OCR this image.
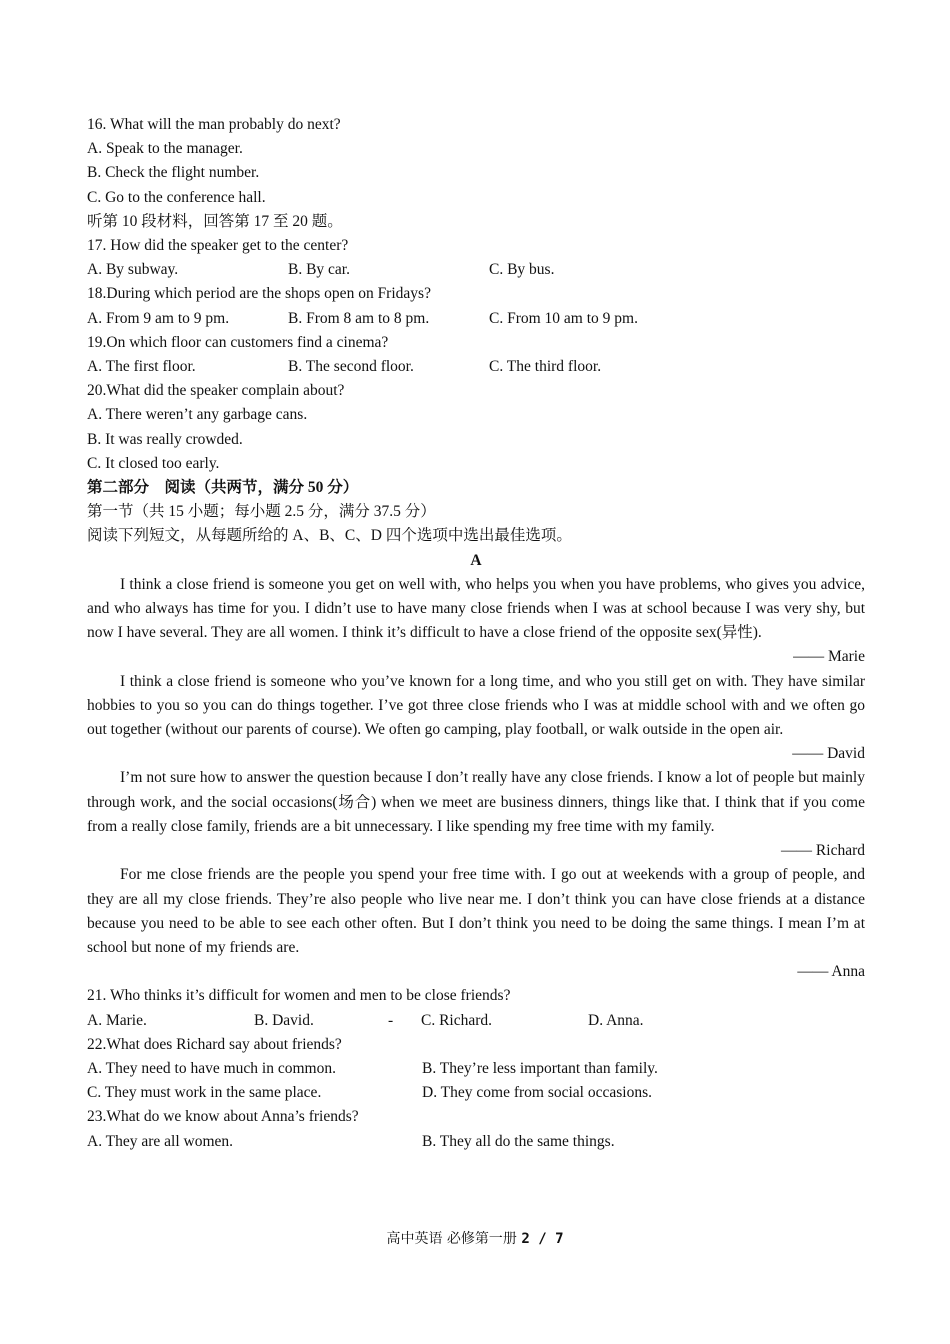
16. What will the man probably do next?
A. Speak to the manager.
B. Check the flight number.
C. Go to the conference hall.
听第 10 段材料，回答第 17 至 20 题。
17. How did the speaker get to the center?
A. By subway.	B. By car.	C. By bus.
18.During which period are the shops open on Fridays?
A. From 9 am to 9 pm.	B. From 8 am to 8 pm.	C. From 10 am to 9 pm.
19.On which floor can customers find a cinema?
A. The first floor.	B. The second floor.	C. The third floor.
20.What did the speaker complain about?
A. There weren’t any garbage cans.
B. It was really crowded.
C. It closed too early.
第二部分　阅读（共两节，满分 50 分）
第一节（共 15 小题；每小题 2.5 分，满分 37.5 分）
阅读下列短文，从每题所给的 A、B、C、D 四个选项中选出最佳选项。
A
I think a close friend is someone you get on well with, who helps you when you have problems, who gives you advice, and who always has time for you. I didn’t use to have many close friends when I was at school because I was very shy, but now I have several. They are all women. I think it’s difficult to have a close friend of the opposite sex(异性).
—— Marie
I think a close friend is someone who you’ve known for a long time, and who you still get on with. They have similar hobbies to you so you can do things together. I’ve got three close friends who I was at middle school with and we often go out together (without our parents of course). We often go camping, play football, or walk outside in the open air.
—— David
I’m not sure how to answer the question because I don’t really have any close friends. I know a lot of people but mainly through work, and the social occasions(场合) when we meet are business dinners, things like that. I think that if you come from a really close family, friends are a bit unnecessary. I like spending my free time with my family.
—— Richard
For me close friends are the people you spend your free time with. I go out at weekends with a group of people, and they are all my close friends. They’re also people who live near me. I don’t think you can have close friends at a distance because you need to be able to see each other often. But I don’t think you need to be doing the same things. I mean I’m at school but none of my friends are.
—— Anna
21. Who thinks it’s difficult for women and men to be close friends?
A. Marie.	B. David.	-	C. Richard.	D. Anna.
22.What does Richard say about friends?
A. They need to have much in common.	B. They’re less important than family.
C. They must work in the same place.	D. They come from social occasions.
23.What do we know about Anna’s friends?
A. They are all women.	B. They all do the same things.
高中英语 必修第一册 2 / 7
